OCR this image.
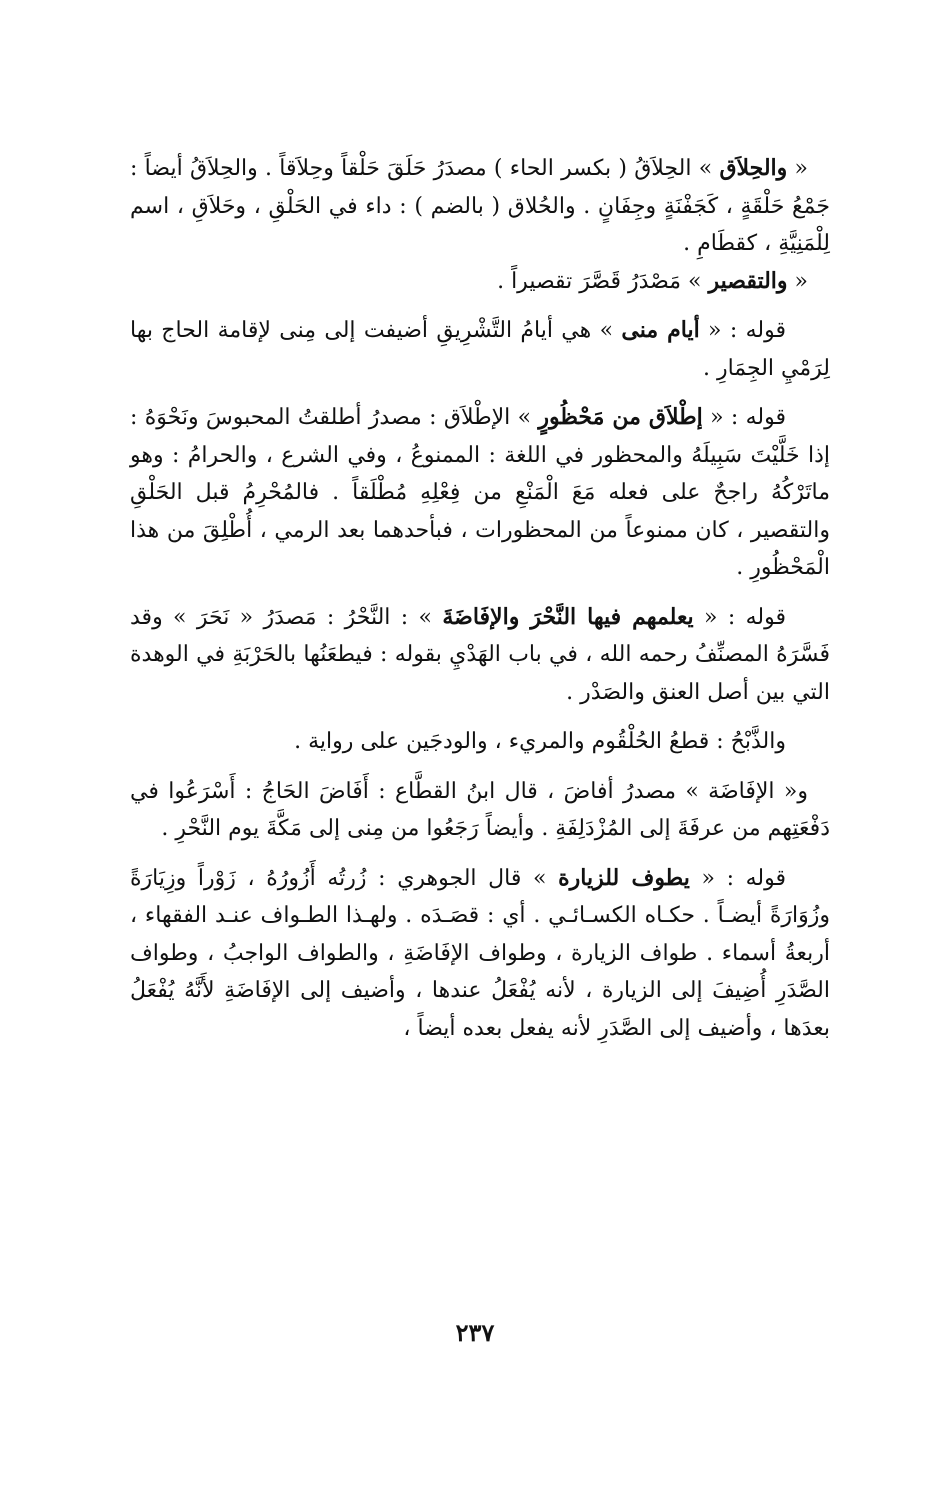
« والحِلاَق » الحِلاَقُ ( بكسر الحاء ) مصدَرُ حَلَقَ حَلْقاً وحِلاَقاً . والحِلاَقُ أيضاً : جَمْعُ حَلْقَةٍ ، كَجَفْنَةٍ وجِفَانٍ . والحُلاق ( بالضم ) : داء في الحَلْقِ ، وحَلاَقِ ، اسم لِلْمَنِيَّةِ ، كقطَامِ .

« والتقصير » مَصْدَرُ قَصَّرَ تقصيراً .

قوله : « أيام منى » هي أيامُ التَّشْرِيقِ أضيفت إلى مِنى لإقامة الحاج بها لِرَمْيِ الجِمَارِ .

قوله : « إطْلاَق من مَحْظُورٍ » الإطْلاَق : مصدرُ أطلقتُ المحبوسَ ونَحْوَهُ : إذا خَلَّيْتَ سَبِيلَهُ والمحظور في اللغة : الممنوعُ ، وفي الشرع ، والحرامُ : وهو ماتَرْكُهُ راجحٌ على فعله مَعَ الْمَنْعِ من فِعْلِهِ مُطْلَقاً . فالمُحْرِمُ قبل الحَلْقِ والتقصير ، كان ممنوعاً من المحظورات ، فبأحدهما بعد الرمي ، أُطْلِقَ من هذا الْمَحْظُورِ .

قوله : « يعلمهم فيها النَّحْرَ والإفَاضَةَ » : النَّحْرُ : مَصدَرُ « نَحَرَ » وقد فَسَّرَهُ المصنِّفُ رحمه الله ، في باب الهَدْيِ بقوله : فيطعَنُها بالحَرْبَةِ في الوهدة التي بين أصل العنق والصَدْر .

والذَّبْحُ : قطعُ الحُلْقُوم والمريء ، والودجَين على رواية .

و« الإفَاضَة » مصدرُ أفاضَ ، قال ابنُ القطَّاع : أَفَاضَ الحَاجُ : أَسْرَعُوا في دَفْعَتِهم من عرفَةَ إلى المُزْدَلِفَةِ . وأيضاً رَجَعُوا من مِنى إلى مَكَّةَ يوم النَّحْرِ .

قوله : « يطوف للزيارة » قال الجوهري : زُرتُه أَزُورُهُ ، زَوْراً وزِيَارَةً وزُوَارَةً أيضـاً . حكـاه الكسـائـي . أي : قصَـدَه . ولهـذا الطـواف عنـد الفقهاء ، أربعةُ أسماء . طواف الزيارة ، وطواف الإفَاضَةِ ، والطواف الواجبُ ، وطواف الصَّدَرِ أُضِيفَ إلى الزيارة ، لأنه يُفْعَلُ عندها ، وأضيف إلى الإفَاضَةِ لأَنَّهُ يُفْعَلُ بعدَها ، وأضيف إلى الصَّدَرِ لأنه يفعل بعده أيضاً ،

٢٣٧
